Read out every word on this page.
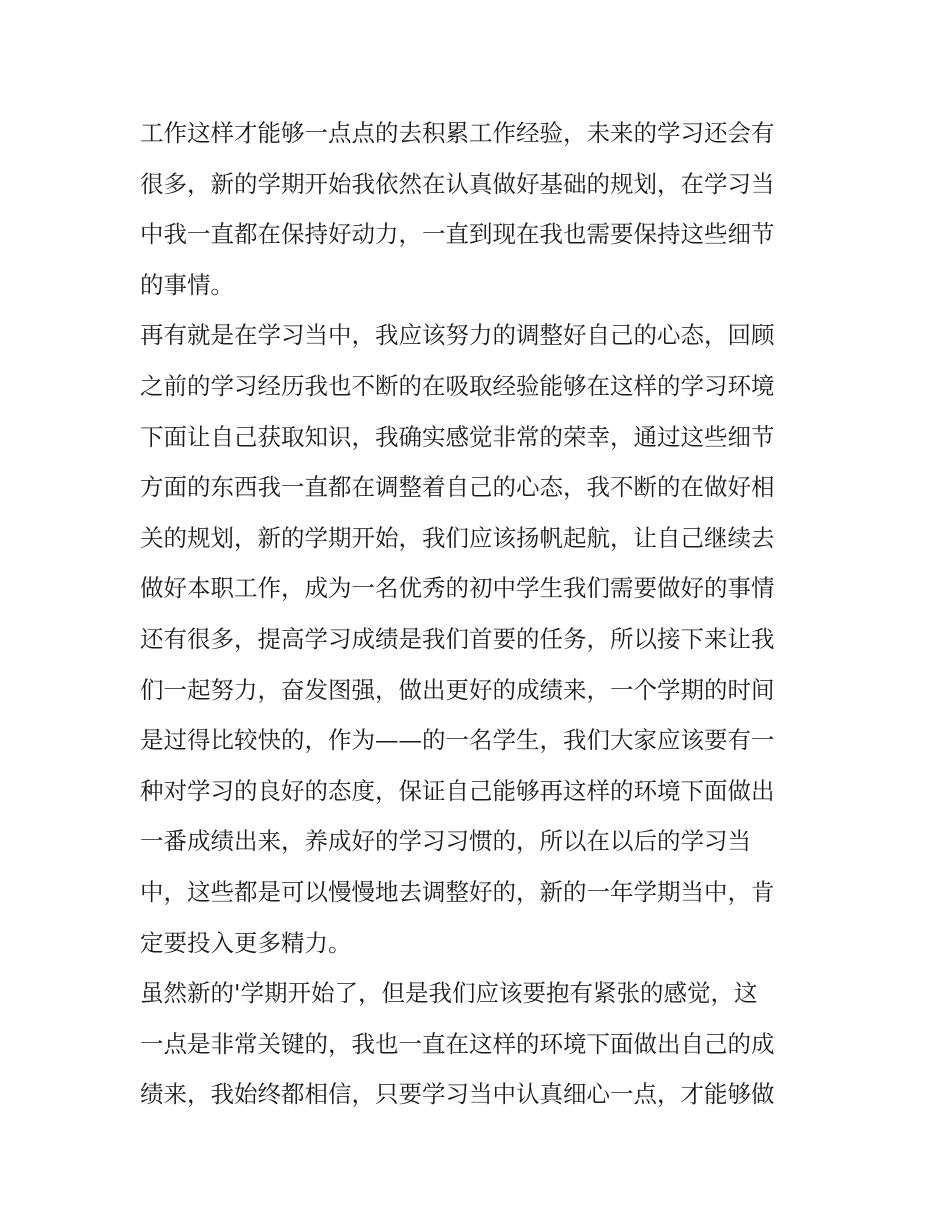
工作这样才能够一点点的去积累工作经验，未来的学习还会有
很多，新的学期开始我依然在认真做好基础的规划，在学习当
中我一直都在保持好动力，一直到现在我也需要保持这些细节
的事情。
再有就是在学习当中，我应该努力的调整好自己的心态，回顾
之前的学习经历我也不断的在吸取经验能够在这样的学习环境
下面让自己获取知识，我确实感觉非常的荣幸，通过这些细节
方面的东西我一直都在调整着自己的心态，我不断的在做好相
关的规划，新的学期开始，我们应该扬帆起航，让自己继续去
做好本职工作，成为一名优秀的初中学生我们需要做好的事情
还有很多，提高学习成绩是我们首要的任务，所以接下来让我
们一起努力，奋发图强，做出更好的成绩来，一个学期的时间
是过得比较快的，作为——的一名学生，我们大家应该要有一
种对学习的良好的态度，保证自己能够再这样的环境下面做出
一番成绩出来，养成好的学习习惯的，所以在以后的学习当
中，这些都是可以慢慢地去调整好的，新的一年学期当中，肯
定要投入更多精力。
虽然新的'学期开始了，但是我们应该要抱有紧张的感觉，这
一点是非常关键的，我也一直在这样的环境下面做出自己的成
绩来，我始终都相信，只要学习当中认真细心一点，才能够做
